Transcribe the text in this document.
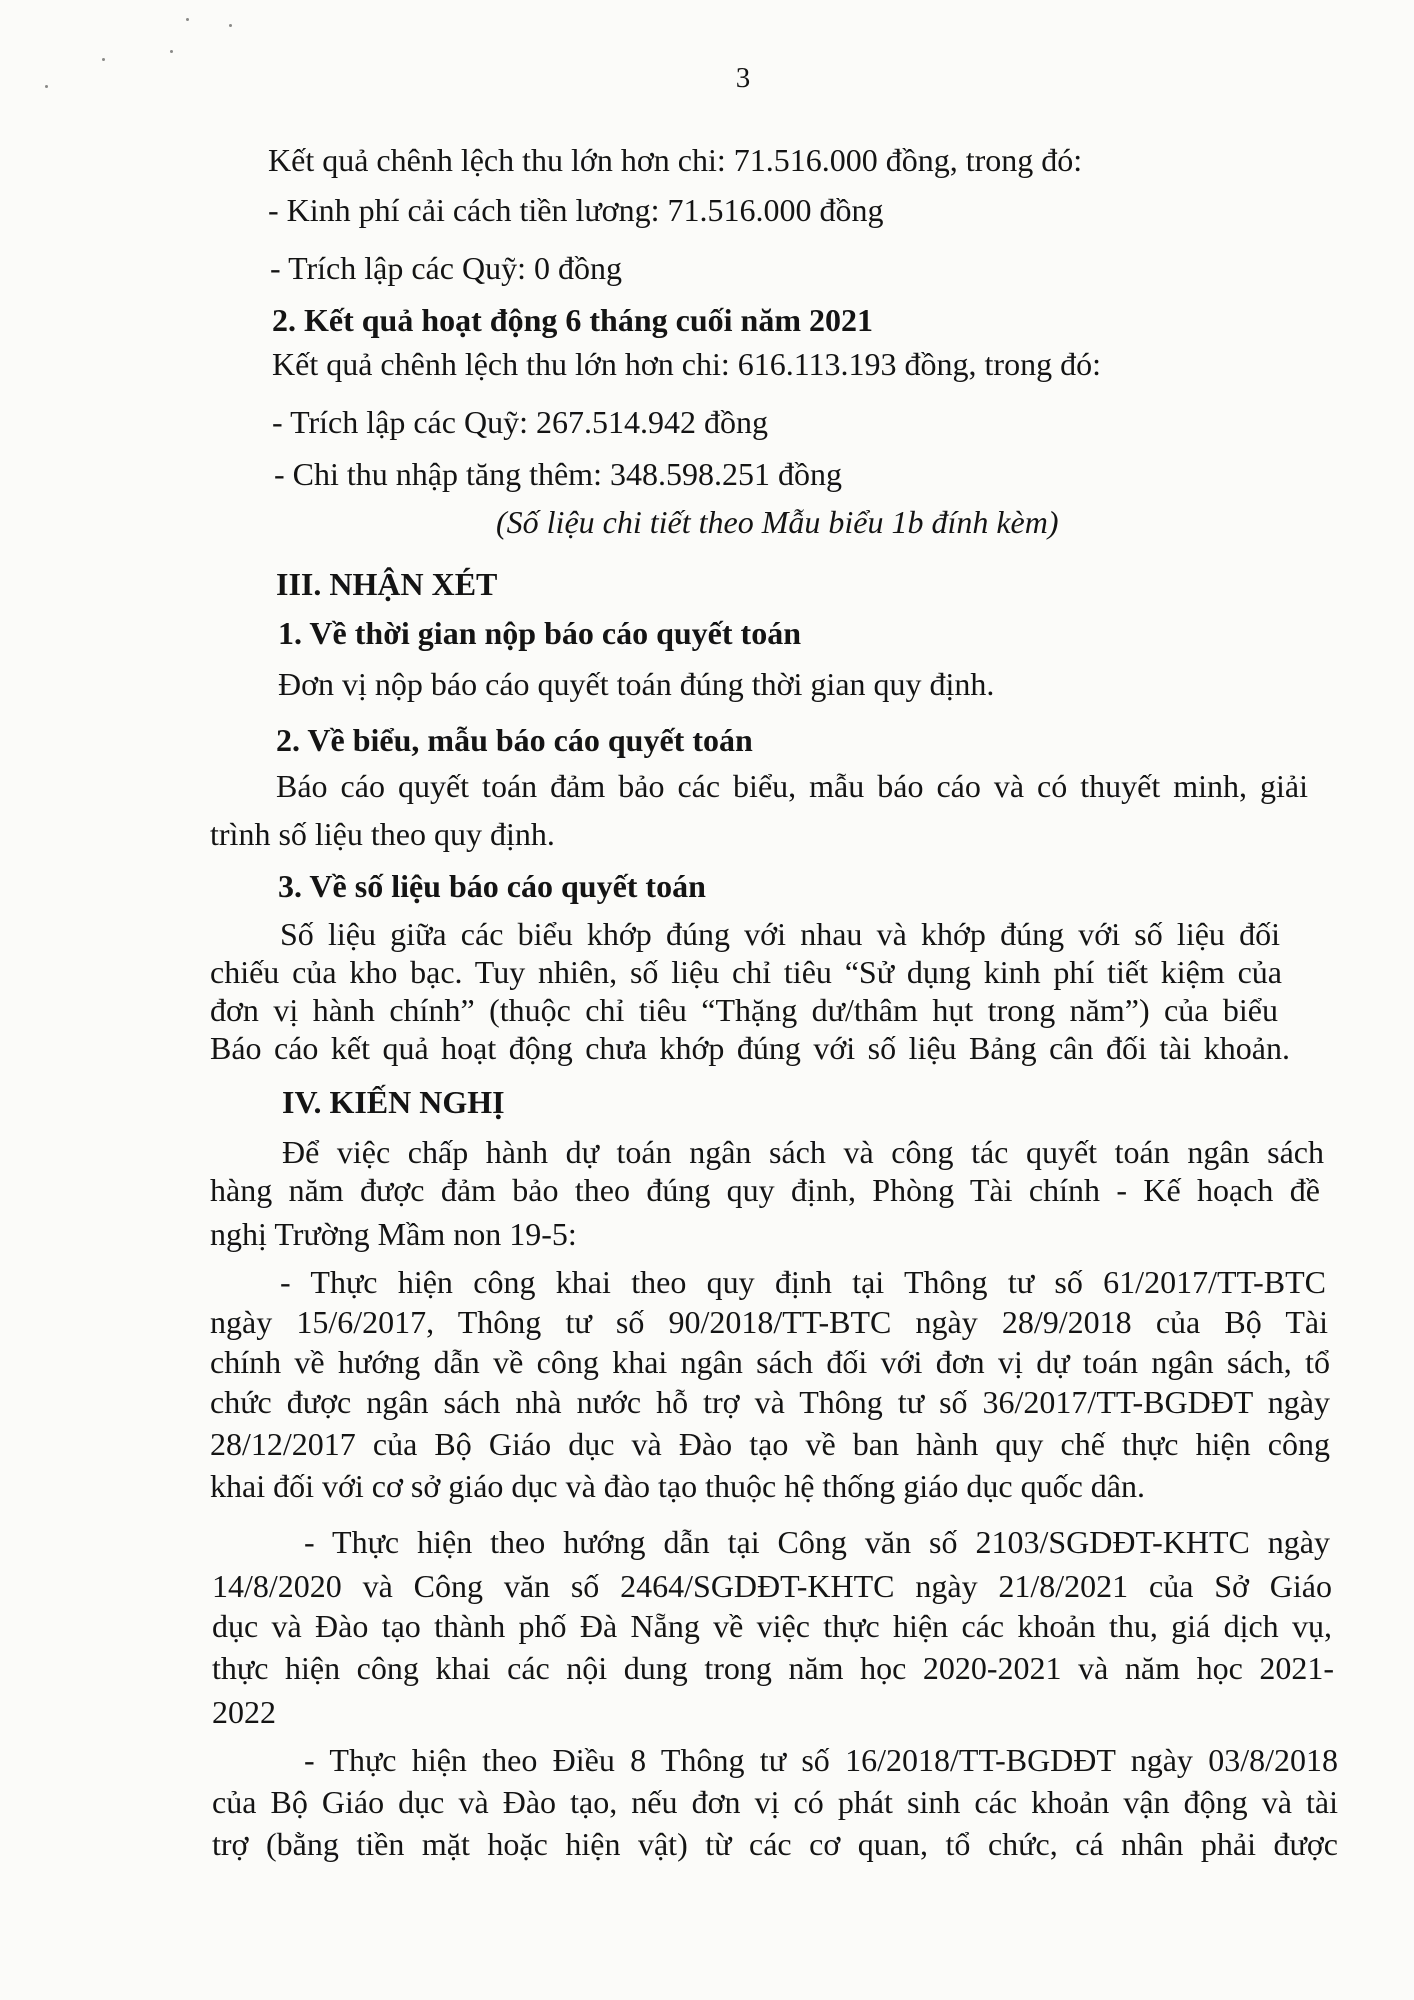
3
Kết quả chênh lệch thu lớn hơn chi: 71.516.000 đồng, trong đó:
- Kinh phí cải cách tiền lương: 71.516.000 đồng
- Trích lập các Quỹ: 0 đồng
2. Kết quả hoạt động 6 tháng cuối năm 2021
Kết quả chênh lệch thu lớn hơn chi: 616.113.193 đồng, trong đó:
- Trích lập các Quỹ: 267.514.942 đồng
- Chi thu nhập tăng thêm: 348.598.251 đồng
(Số liệu chi tiết theo Mẫu biểu 1b đính kèm)
III. NHẬN XÉT
1. Về thời gian nộp báo cáo quyết toán
Đơn vị nộp báo cáo quyết toán đúng thời gian quy định.
2. Về biểu, mẫu báo cáo quyết toán
Báo cáo quyết toán đảm bảo các biểu, mẫu báo cáo và có thuyết minh, giải
trình số liệu theo quy định.
3. Về số liệu báo cáo quyết toán
Số liệu giữa các biểu khớp đúng với nhau và khớp đúng với số liệu đối
chiếu của kho bạc. Tuy nhiên, số liệu chỉ tiêu “Sử dụng kinh phí tiết kiệm của
đơn vị hành chính” (thuộc chỉ tiêu “Thặng dư/thâm hụt trong năm”) của biểu
Báo cáo kết quả hoạt động chưa khớp đúng với số liệu Bảng cân đối tài khoản.
IV. KIẾN NGHỊ
Để việc chấp hành dự toán ngân sách và công tác quyết toán ngân sách
hàng năm được đảm bảo theo đúng quy định, Phòng Tài chính - Kế hoạch đề
nghị Trường Mầm non 19-5:
- Thực hiện công khai theo quy định tại Thông tư số 61/2017/TT-BTC
ngày 15/6/2017, Thông tư số 90/2018/TT-BTC ngày 28/9/2018 của Bộ Tài
chính về hướng dẫn về công khai ngân sách đối với đơn vị dự toán ngân sách, tổ
chức được ngân sách nhà nước hỗ trợ và Thông tư số 36/2017/TT-BGDĐT ngày
28/12/2017 của Bộ Giáo dục và Đào tạo về ban hành quy chế thực hiện công
khai đối với cơ sở giáo dục và đào tạo thuộc hệ thống giáo dục quốc dân.
- Thực hiện theo hướng dẫn tại Công văn số 2103/SGDĐT-KHTC ngày
14/8/2020 và Công văn số 2464/SGDĐT-KHTC ngày 21/8/2021 của Sở Giáo
dục và Đào tạo thành phố Đà Nẵng về việc thực hiện các khoản thu, giá dịch vụ,
thực hiện công khai các nội dung trong năm học 2020-2021 và năm học 2021-
2022
- Thực hiện theo Điều 8 Thông tư số 16/2018/TT-BGDĐT ngày 03/8/2018
của Bộ Giáo dục và Đào tạo, nếu đơn vị có phát sinh các khoản vận động và tài
trợ (bằng tiền mặt hoặc hiện vật) từ các cơ quan, tổ chức, cá nhân phải được
